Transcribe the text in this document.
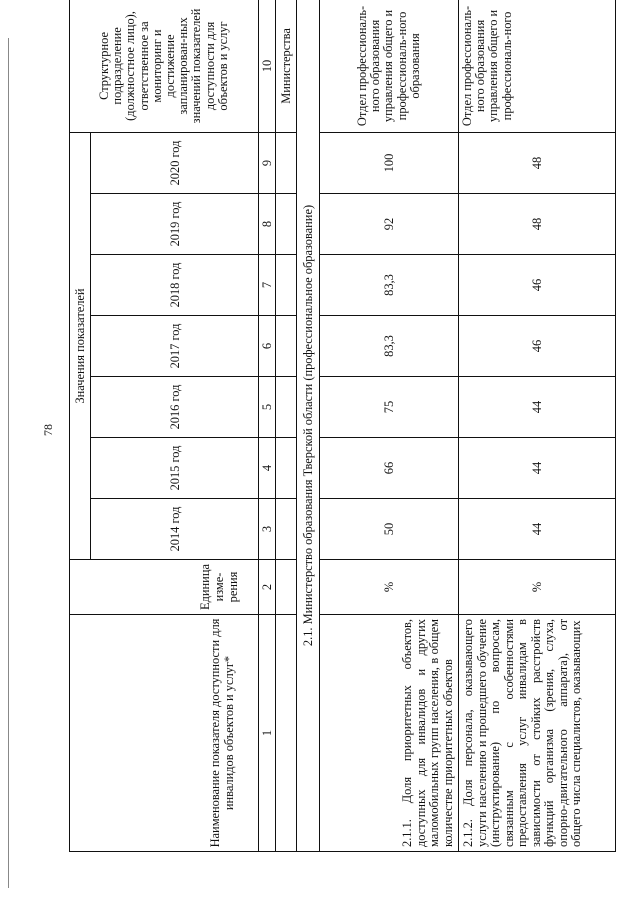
78
Наименование показателя доступности для инвалидов объектов и услуг*	Единица изме-рения	Значения показателей							Структурное подразделение (должностное лицо), ответственное за мониторинг и достижение запланирован-ных значений показателей доступности для объектов и услуг
		2014 год	2015 год	2016 год	2017 год	2018 год	2019 год	2020 год	
1	2	3	4	5	6	7	8	9	10
									Министерства
2.1. Министерство образования Тверской области (профессиональное образование)									
2.1.1. Доля приоритетных объектов, доступных для инвалидов и других маломобильных групп населения, в общем количестве приоритетных объектов	%	50	66	75	83,3	83,3	92	100	Отдел профессиональ-ного образования управления общего и профессиональ-ного образования
2.1.2. Доля персонала, оказывающего услуги населению и прошедшего обучение (инструктирование) по вопросам, связанным с особенностями предоставления услуг инвалидам в зависимости от стойких расстройств функций организма (зрения, слуха, опорно-двигательного аппарата), от общего числа специалистов, оказывающих	%	44	44	44	46	46	48	48	Отдел профессиональ-ного образования управления общего и профессиональ-ного
